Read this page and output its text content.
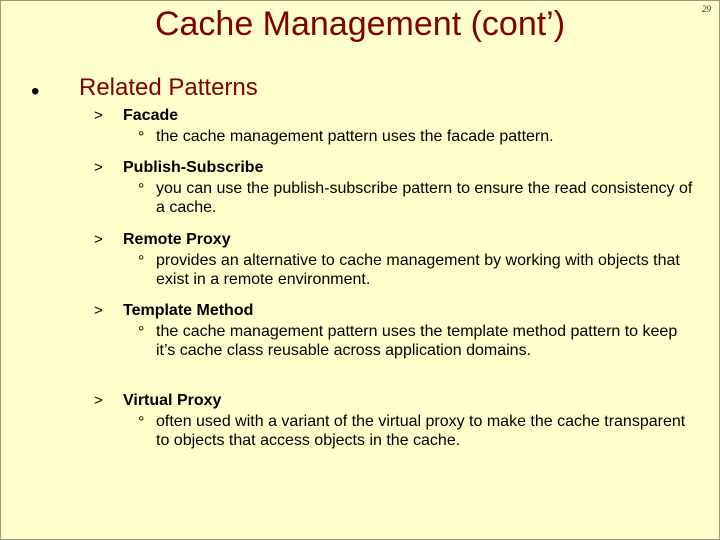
29
Cache Management (cont’)
• Related Patterns
> Facade
° the cache management pattern uses the facade pattern.
> Publish-Subscribe
° you can use the publish-subscribe pattern to ensure the read consistency of a cache.
> Remote Proxy
° provides an alternative to cache management by working with objects that exist in a remote environment.
> Template Method
° the cache management pattern uses the template method pattern to keep it’s cache class reusable across application domains.
> Virtual Proxy
° often used with a variant of the virtual proxy to make the cache transparent to objects that access objects in the cache.
